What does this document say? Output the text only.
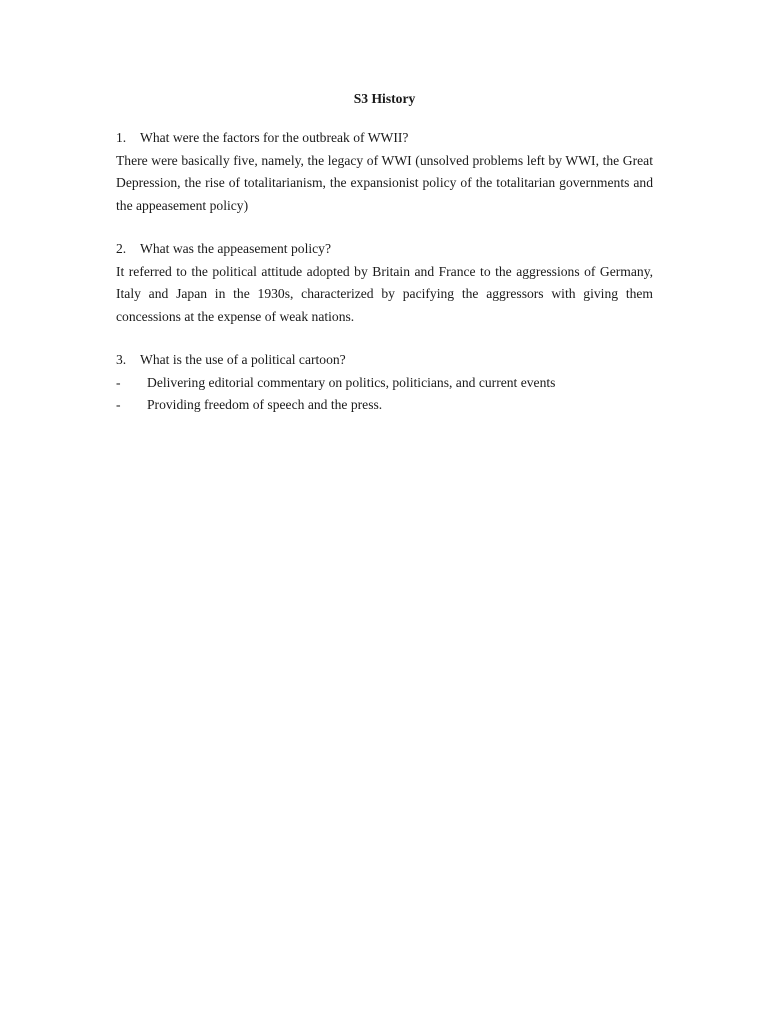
S3 History
1.	What were the factors for the outbreak of WWII?

There were basically five, namely, the legacy of WWI (unsolved problems left by WWI, the Great Depression, the rise of totalitarianism, the expansionist policy of the totalitarian governments and the appeasement policy)

2.	What was the appeasement policy?

It referred to the political attitude adopted by Britain and France to the aggressions of Germany, Italy and Japan in the 1930s, characterized by pacifying the aggressors with giving them concessions at the expense of weak nations.

3.	What is the use of a political cartoon?
-	Delivering editorial commentary on politics, politicians, and current events
-	Providing freedom of speech and the press.
